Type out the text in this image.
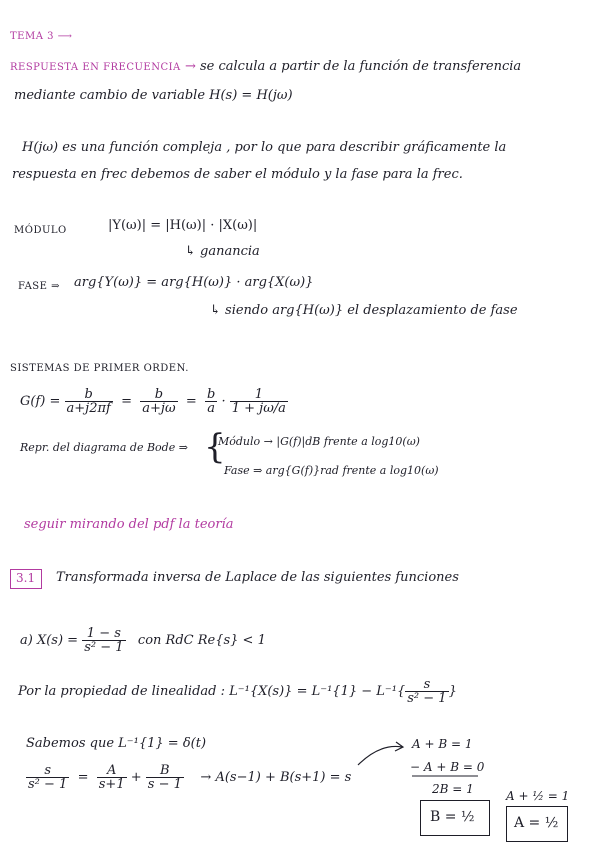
TEMA 3 ⟶
RESPUESTA EN FRECUENCIA → se calcula a partir de la función de transferencia
mediante cambio de variable H(s) = H(jω)
H(jω) es una función compleja , por lo que para describir gráficamente la
respuesta en frec debemos de saber el módulo y la fase para la frec.
MÓDULO	|Y(ω)| = |H(ω)| · |X(ω)|
↳ ganancia
FASE ⇒ arg{Y(ω)} = arg{H(ω)} · arg{X(ω)}
↳ siendo arg{H(ω)} el desplazamiento de fase
SISTEMAS DE PRIMER ORDEN.
$G(f) = \frac{b}{a+j2\pi f} = \frac{b}{a+j\omega} = \frac{b}{a} \cdot \frac{1}{1 + j\omega/a}$
Repr. del diagrama de Bode ⇒ {
Módulo → |G(f)|dB frente a log10(ω)
Fase ⇒ arg{G(f)}rad frente a log10(ω)
seguir mirando del pdf la teoría
3.1 Transformada inversa de Laplace de las siguientes funciones
a) $X(s) = \frac{1 - s}{\text{s² − 1}}$ con RdC Re{s} < 1
Por la propiedad de linealidad : $L^{-1}\{X(s)\} = L^{-1}\{1\} - L^{-1}\{ \frac{s}{\text{s² − 1}}$ }
Sabemos que L⁻¹{1} = δ(t)
$\frac{s}{\text{s² − 1}} = \frac{A}{s+1} + \frac{B}{s - 1} \to A(s-1) + B(s+1) = s$
A + B = 1
− A + B = 0
2B = 1	A + ½ = 1
B = ½	A = ½
